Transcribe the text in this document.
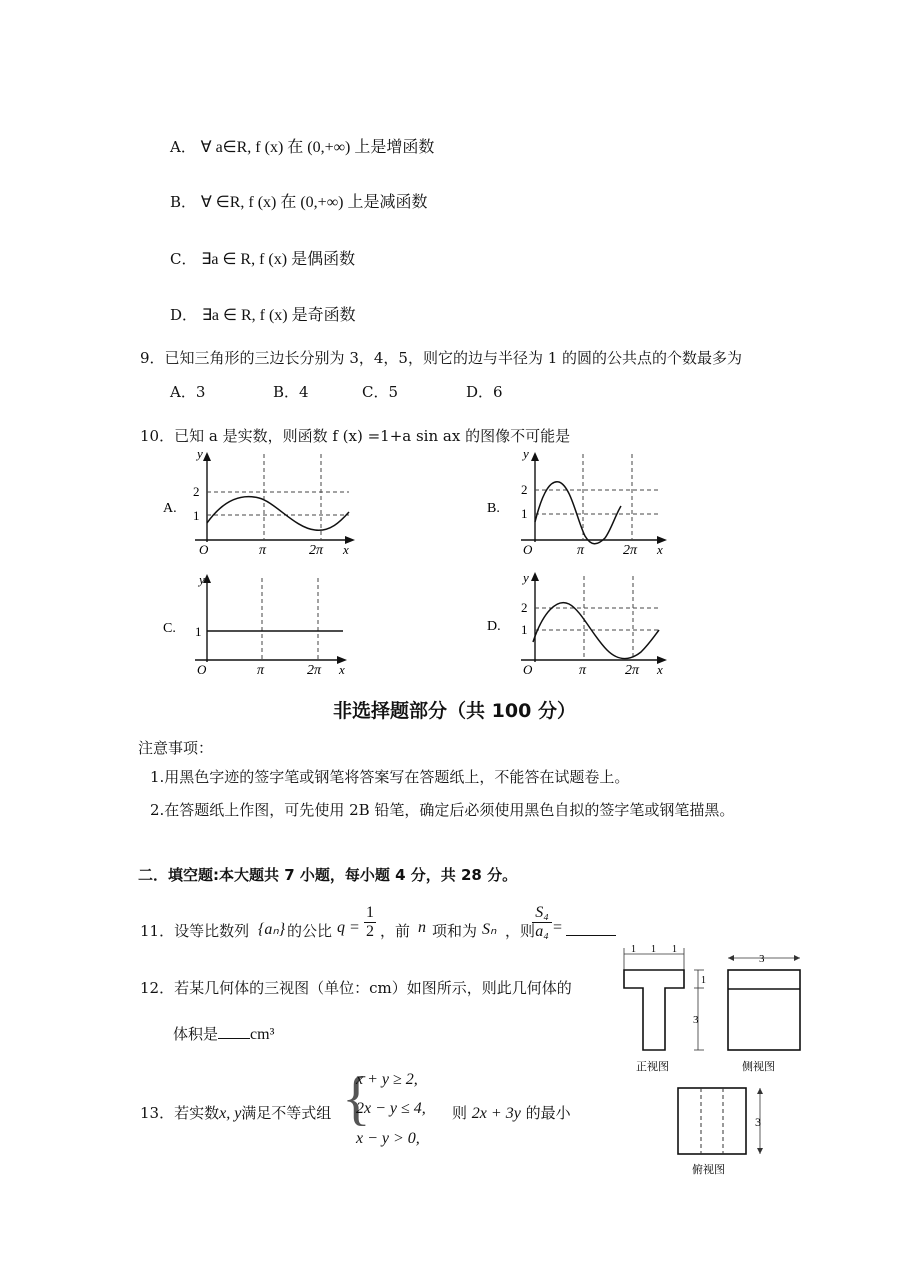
A． ∀ a∈R, f (x) 在 (0,+∞) 上是增函数
B． ∀ ∈R, f (x) 在 (0,+∞) 上是减函数
C． ∃a ∈ R, f (x) 是偶函数
D． ∃a ∈ R, f (x) 是奇函数
9．已知三角形的三边长分别为 3，4，5，则它的边与半径为 1 的圆的公共点的个数最多为
A．3	B．4	C．5	D．6
10．已知 a 是实数，则函数 f (x) =1+a sin ax 的图像不可能是
A.
y
2
1
O	π	2π x
B.
y
2
1
O	π	2π x
C.
y
1
O	π	2π x
D.
y
2
1
O	π	2π x
非选择题部分（共 100 分）
注意事项：
1.用黑色字迹的签字笔或钢笔将答案写在答题纸上，不能答在试题卷上。
2.在答题纸上作图，可先使用 2B 铅笔，确定后必须使用黑色自拟的签字笔或钢笔描黑。
二．填空题:本大题共 7 小题，每小题 4 分，共 28 分。
11．设等比数列 {aₙ} 的公比 $q = \frac{1}{2}$ ，前 n 项和为 Sₙ ，则
$\frac{\text{S₄}}{\text{a₄}}$ =
12．若某几何体的三视图（单位：cm）如图所示，则此几何体的
体积是 cm³
1 1 1
1
3
3
正视图	侧视图
3
俯视图
13．若实数x, y满足不等式组 {
x + y ≥ 2,
2x − y ≤ 4,
x − y > 0,
则 2x + 3y 的最小
